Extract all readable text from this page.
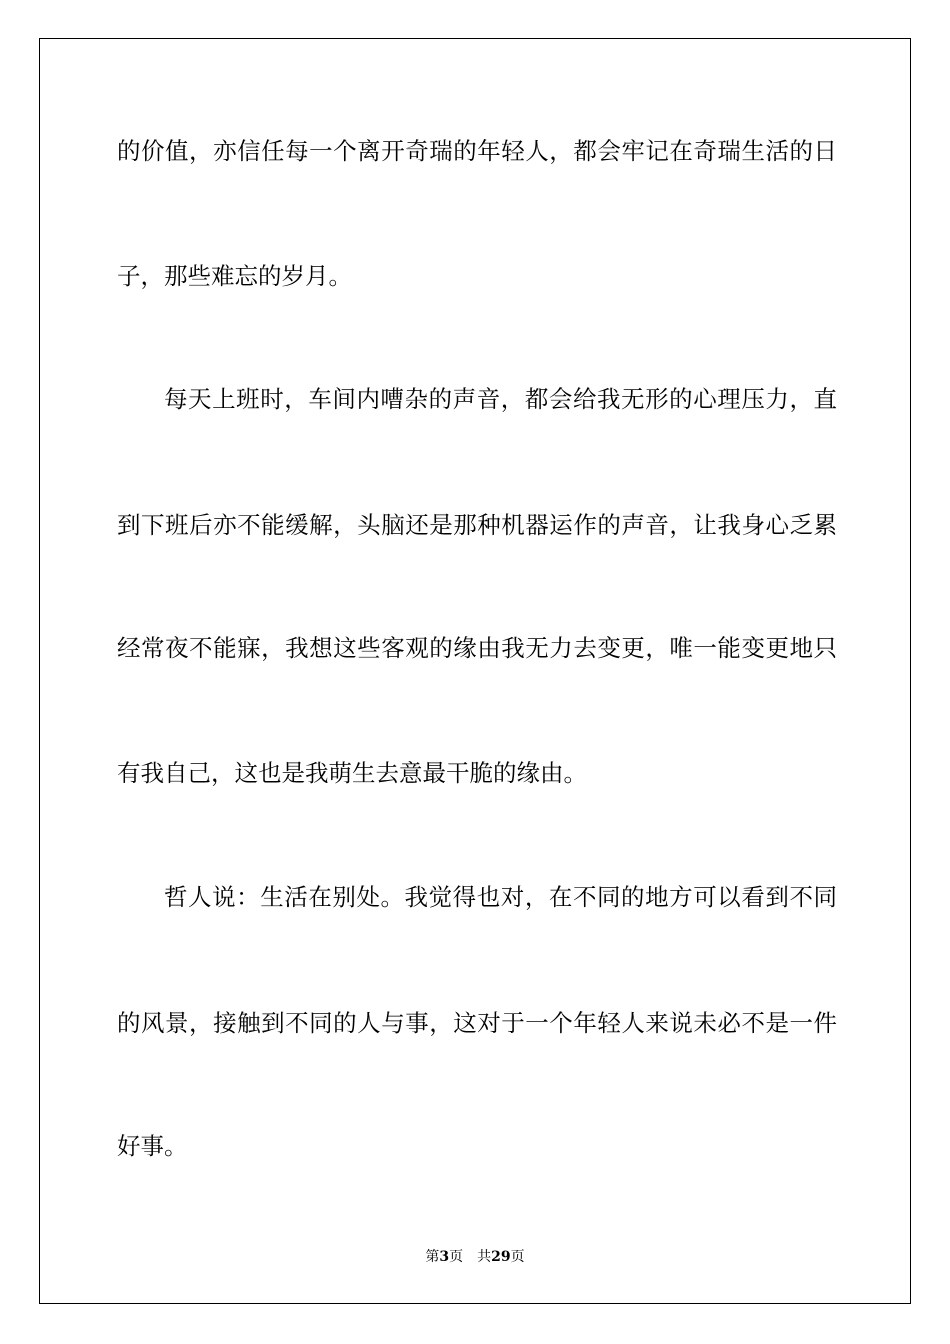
的价值，亦信任每一个离开奇瑞的年轻人，都会牢记在奇瑞生活的日
子，那些难忘的岁月。
每天上班时，车间内嘈杂的声音，都会给我无形的心理压力，直
到下班后亦不能缓解，头脑还是那种机器运作的声音，让我身心乏累
经常夜不能寐，我想这些客观的缘由我无力去变更，唯一能变更地只
有我自己，这也是我萌生去意最干脆的缘由。
哲人说：生活在别处。我觉得也对，在不同的地方可以看到不同
的风景，接触到不同的人与事，这对于一个年轻人来说未必不是一件
好事。
第3页 共29页
